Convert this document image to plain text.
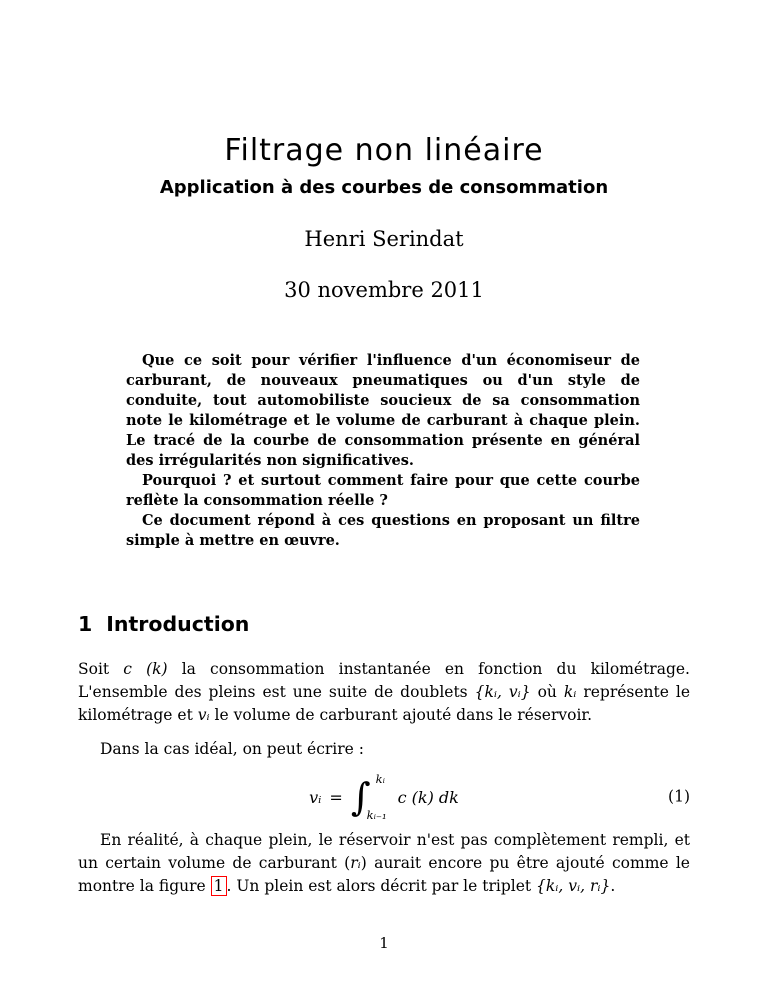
Filtrage non linéaire
Application à des courbes de consommation
Henri Serindat
30 novembre 2011

Que ce soit pour vérifier l'influence d'un économiseur de carburant, de nouveaux pneumatiques ou d'un style de conduite, tout automobiliste soucieux de sa consommation note le kilométrage et le volume de carburant à chaque plein. Le tracé de la courbe de consommation présente en général des irrégularités non significatives.

Pourquoi ? et surtout comment faire pour que cette courbe reflète la consommation réelle ?

Ce document répond à ces questions en proposant un filtre simple à mettre en œuvre.

1 Introduction

Soit c (k) la consommation instantanée en fonction du kilométrage. L'ensemble des pleins est une suite de doublets {kᵢ, vᵢ} où kᵢ représente le kilométrage et vᵢ le volume de carburant ajouté dans le réservoir.

Dans la cas idéal, on peut écrire :

vᵢ = ∫ kᵢ
kᵢ₋₁
c (k) dk	(1)

En réalité, à chaque plein, le réservoir n'est pas complètement rempli, et un certain volume de carburant (rᵢ) aurait encore pu être ajouté comme le montre la figure 1 . Un plein est alors décrit par le triplet {kᵢ, vᵢ, rᵢ}.

1
